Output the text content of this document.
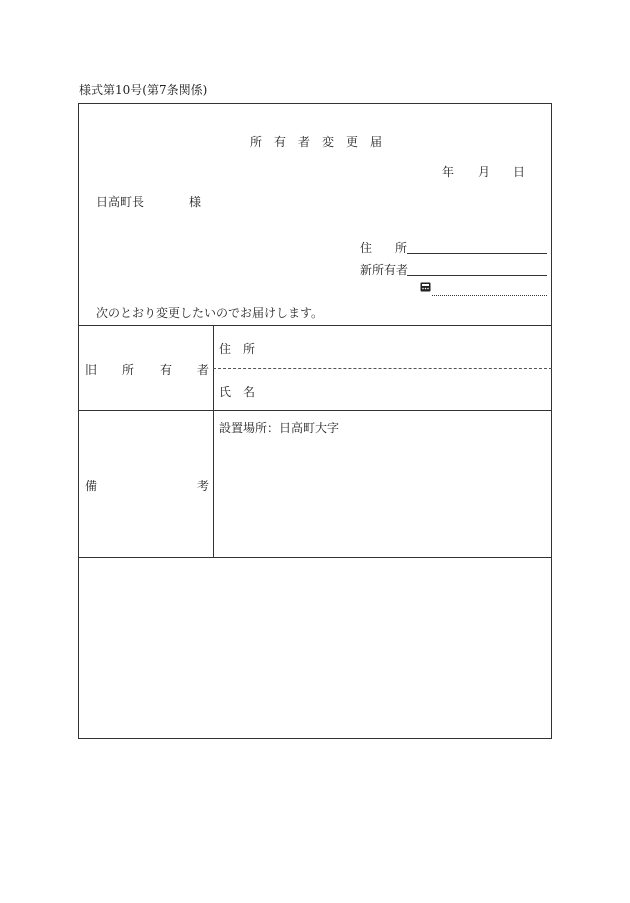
様式第10号(第7条関係)
所 有 者 変 更 届
年 月 日
日高町長	様
住 所
新所有者
次のとおり変更したいのでお届けします。
旧 所 有 者
住 所
氏 名
備	考
設置場所：日高町大字
